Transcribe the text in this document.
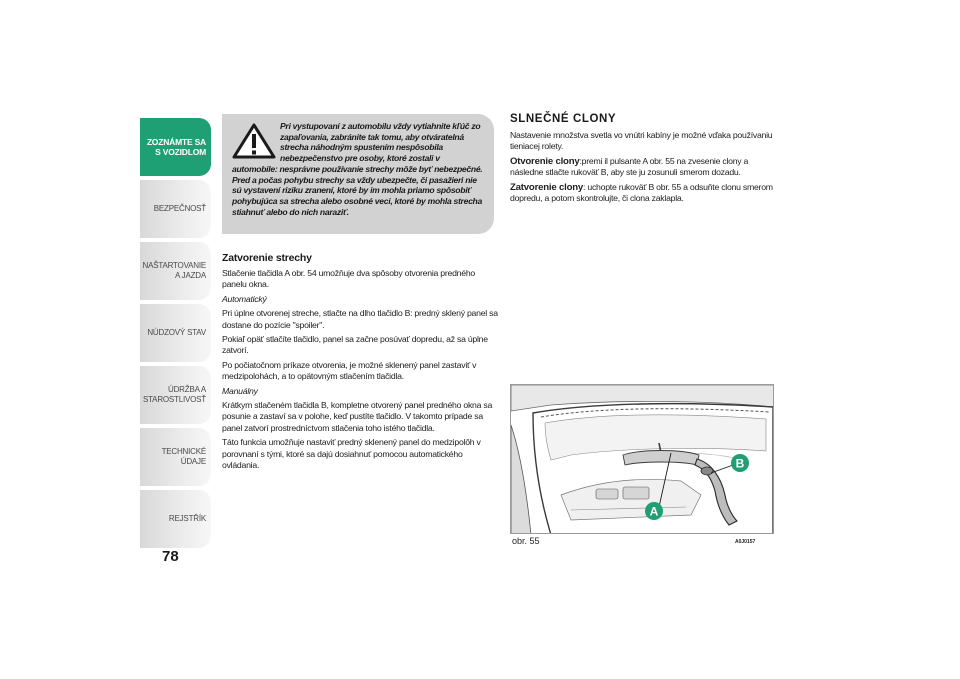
ZOZNÁMTE SA S VOZIDLOM
BEZPEČNOSŤ
NAŠTARTOVANIE A JAZDA
NÚDZOVÝ STAV
ÚDRŽBA A STAROSTLIVOSŤ
TECHNICKÉ ÚDAJE
REJSTŘÍK
78
Pri vystupovaní z automobilu vždy vytiahnite kľúč zo zapaľovania, zabránite tak tomu, aby otváratelná strecha náhodným spustením nespôsobila nebezpečenstvo pre osoby, ktoré zostali v automobile: nesprávne používanie strechy môže byť nebezpečné. Pred a počas pohybu strechy sa vždy ubezpečte, či pasažieri nie sú vystavení riziku zranení, ktoré by im mohla priamo spôsobiť pohybujúca sa strecha alebo osobné veci, ktoré by mohla strecha stiahnuť alebo do nich naraziť.
Zatvorenie strechy

Stlačenie tlačidla A obr. 54 umožňuje dva spôsoby otvorenia predného panelu okna.

Automatický

Pri úplne otvorenej streche, stlačte na dlho tlačidlo B: predný sklený panel sa dostane do pozície "spoiler".

Pokiaľ opäť stlačíte tlačidlo, panel sa začne posúvať dopredu, až sa úplne zatvorí.

Po počiatočnom príkaze otvorenia, je možné sklenený panel zastaviť v medzipolohách, a to opätovným stlačením tlačidla.

Manuálny

Krátkym stlačeném tlačidla B, kompletne otvorený panel predného okna sa posunie a zastaví sa v polohe, keď pustíte tlačidlo. V takomto prípade sa panel zatvorí prostredníctvom stlačenia toho istého tlačidla.

Táto funkcia umožňuje nastaviť predný sklenený panel do medzipolôh v porovnaní s tými, ktoré sa dajú dosiahnuť pomocou automatického ovládania.

SLNEČNÉ CLONY

Nastavenie množstva svetla vo vnútri kabíny je možné vďaka používaniu tieniacej rolety.

Otvorenie clony:premi il pulsante A obr. 55 na zvesenie clony a následne stlačte rukoväť B, aby ste ju zosunuli smerom dozadu.

Zatvorenie clony: uchopte rukoväť B obr. 55 a odsuňte clonu smerom dopredu, a potom skontrolujte, či clona zaklapla.

B
A
obr. 55	A0J0157
